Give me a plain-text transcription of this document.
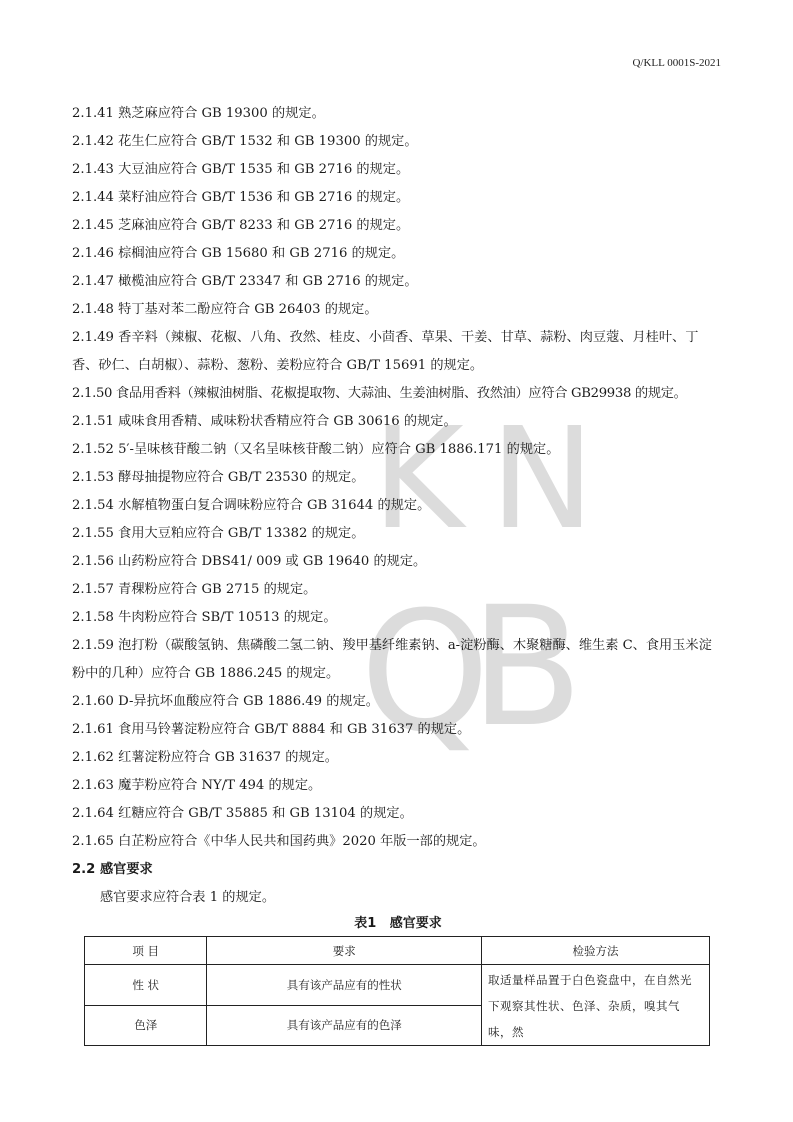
Q/KLL 0001S-2021
K N
Q
B

2.1.41 熟芝麻应符合 GB 19300 的规定。

2.1.42 花生仁应符合 GB/T 1532 和 GB 19300 的规定。

2.1.43 大豆油应符合 GB/T 1535 和 GB 2716 的规定。

2.1.44 菜籽油应符合 GB/T 1536 和 GB 2716 的规定。

2.1.45 芝麻油应符合 GB/T 8233 和 GB 2716 的规定。

2.1.46 棕榈油应符合 GB 15680 和 GB 2716 的规定。

2.1.47 橄榄油应符合 GB/T 23347 和 GB 2716 的规定。

2.1.48 特丁基对苯二酚应符合 GB 26403 的规定。

2.1.49 香辛料（辣椒、花椒、八角、孜然、桂皮、小茴香、草果、干姜、甘草、蒜粉、肉豆蔻、月桂叶、丁香、砂仁、白胡椒）、蒜粉、葱粉、姜粉应符合 GB/T 15691 的规定。

2.1.50 食品用香料（辣椒油树脂、花椒提取物、大蒜油、生姜油树脂、孜然油）应符合 GB29938 的规定。

2.1.51 咸味食用香精、咸味粉状香精应符合 GB 30616 的规定。

2.1.52 5′-呈味核苷酸二钠（又名呈味核苷酸二钠）应符合 GB 1886.171 的规定。

2.1.53 酵母抽提物应符合 GB/T 23530 的规定。

2.1.54 水解植物蛋白复合调味粉应符合 GB 31644 的规定。

2.1.55 食用大豆粕应符合 GB/T 13382 的规定。

2.1.56 山药粉应符合 DBS41/ 009 或 GB 19640 的规定。

2.1.57 青稞粉应符合 GB 2715 的规定。

2.1.58 牛肉粉应符合 SB/T 10513 的规定。

2.1.59 泡打粉（碳酸氢钠、焦磷酸二氢二钠、羧甲基纤维素钠、a-淀粉酶、木聚糖酶、维生素 C、食用玉米淀粉中的几种）应符合 GB 1886.245 的规定。

2.1.60 D-异抗坏血酸应符合 GB 1886.49 的规定。

2.1.61 食用马铃薯淀粉应符合 GB/T 8884 和 GB 31637 的规定。

2.1.62 红薯淀粉应符合 GB 31637 的规定。

2.1.63 魔芋粉应符合 NY/T 494 的规定。

2.1.64 红糖应符合 GB/T 35885 和 GB 13104 的规定。

2.1.65 白芷粉应符合《中华人民共和国药典》2020 年版一部的规定。

2.2 感官要求

感官要求应符合表 1 的规定。

表1   感官要求

项 目	要求	检验方法
性 状	具有该产品应有的性状	取适量样品置于白色瓷盘中，在自然光下观察其性状、色泽、杂质，嗅其气味，然
色泽	具有该产品应有的色泽	
